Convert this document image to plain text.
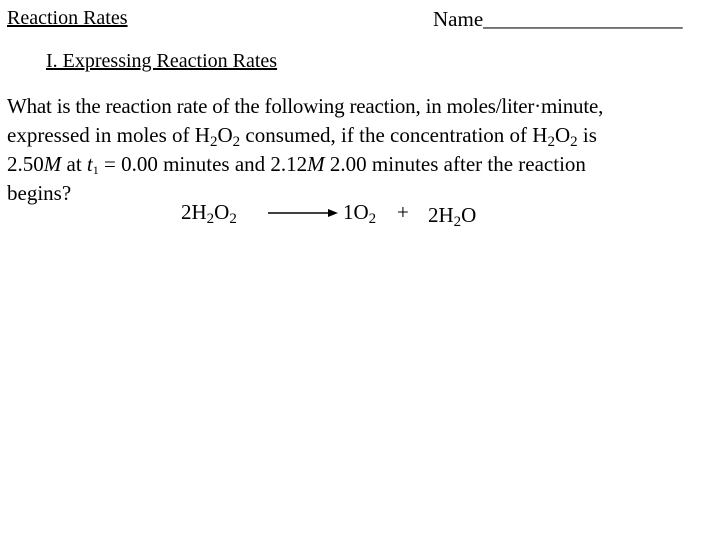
Reaction Rates	Name___________________
I. Expressing Reaction Rates
What is the reaction rate of the following reaction, in moles/liter·minute,
expressed in moles of $H_2O_2$ consumed, if the concentration of $H_2O_2$ is
2.50M at $t_1 = 0.00$ minutes and 2.12M 2.00 minutes after the reaction
begins?
$2H_2O_2$	$1O_2 + 2H_2O$
